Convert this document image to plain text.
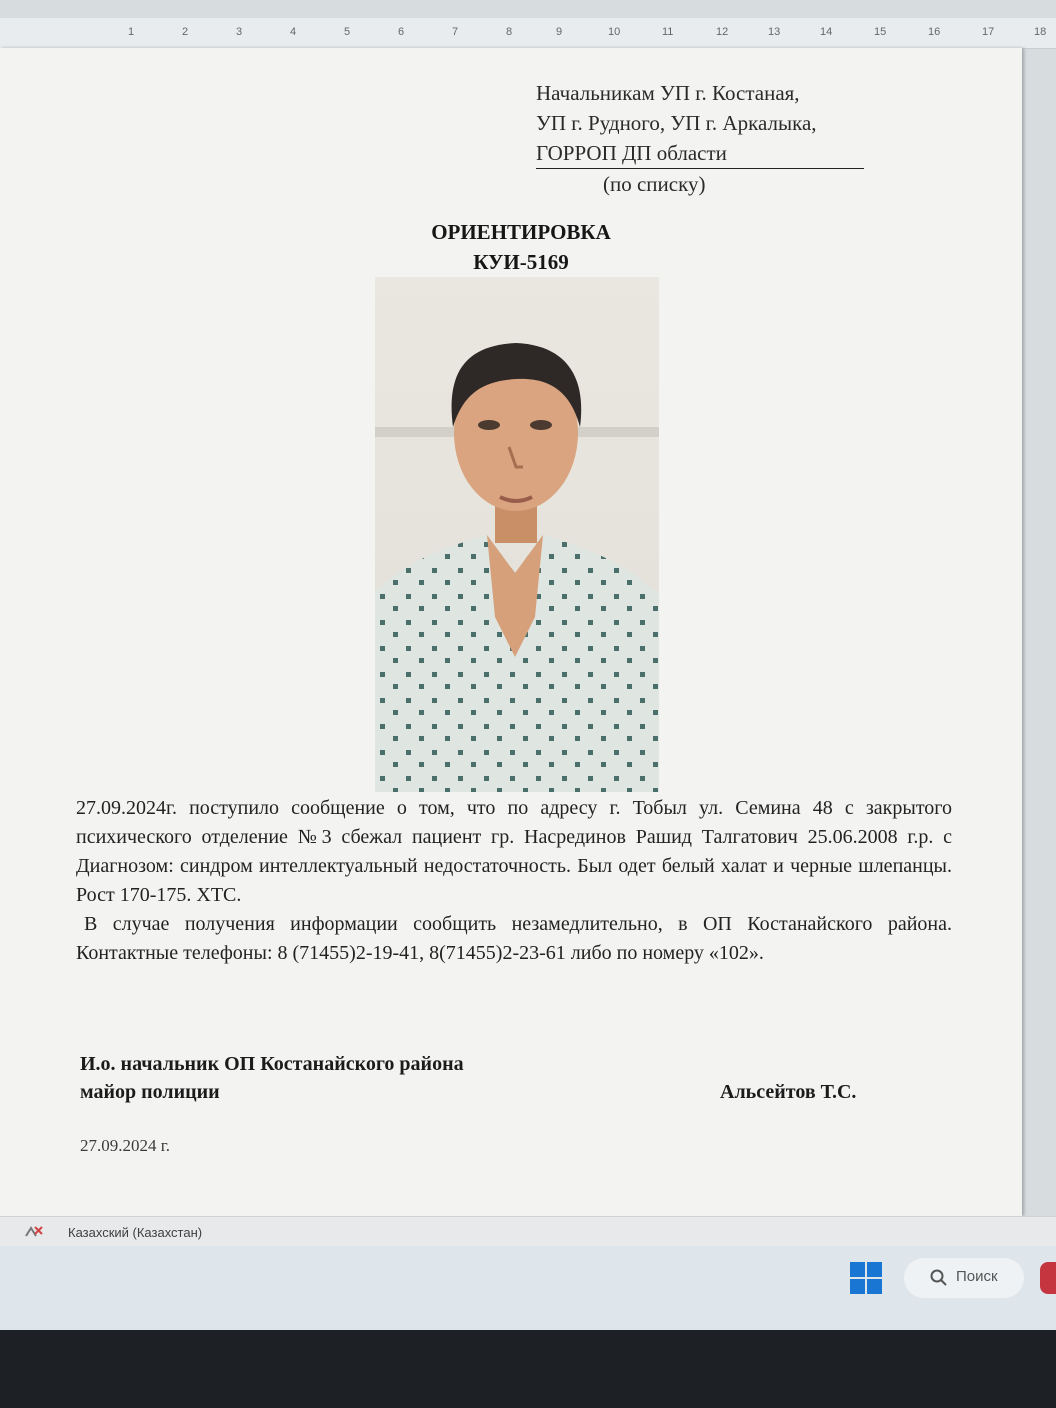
1	2	3	4	5	6	7	8	9	10	11	12	13	14	15	16	17	18
Начальникам УП г. Костаная,
УП г. Рудного, УП г. Аркалыка,
ГОРРОП ДП области
(по списку)
ОРИЕНТИРОВКА
КУИ-5169
27.09.2024г. поступило сообщение о том, что по адресу г. Тобыл ул. Семина 48 с закрытого психического отделение №3 сбежал пациент гр. Насрединов Рашид Талгатович 25.06.2008 г.р. с Диагнозом: синдром интеллектуальный недостаточность. Был одет белый халат и черные шлепанцы. Рост 170-175. ХТС.
В случае получения информации сообщить незамедлительно, в ОП Костанайского района. Контактные телефоны: 8 (71455)2-19-41, 8(71455)2-23-61 либо по номеру «102».
И.о. начальник ОП Костанайского района
майор полиции	Альсейтов Т.С.
27.09.2024 г.
Казахский (Казахстан)
Поиск
